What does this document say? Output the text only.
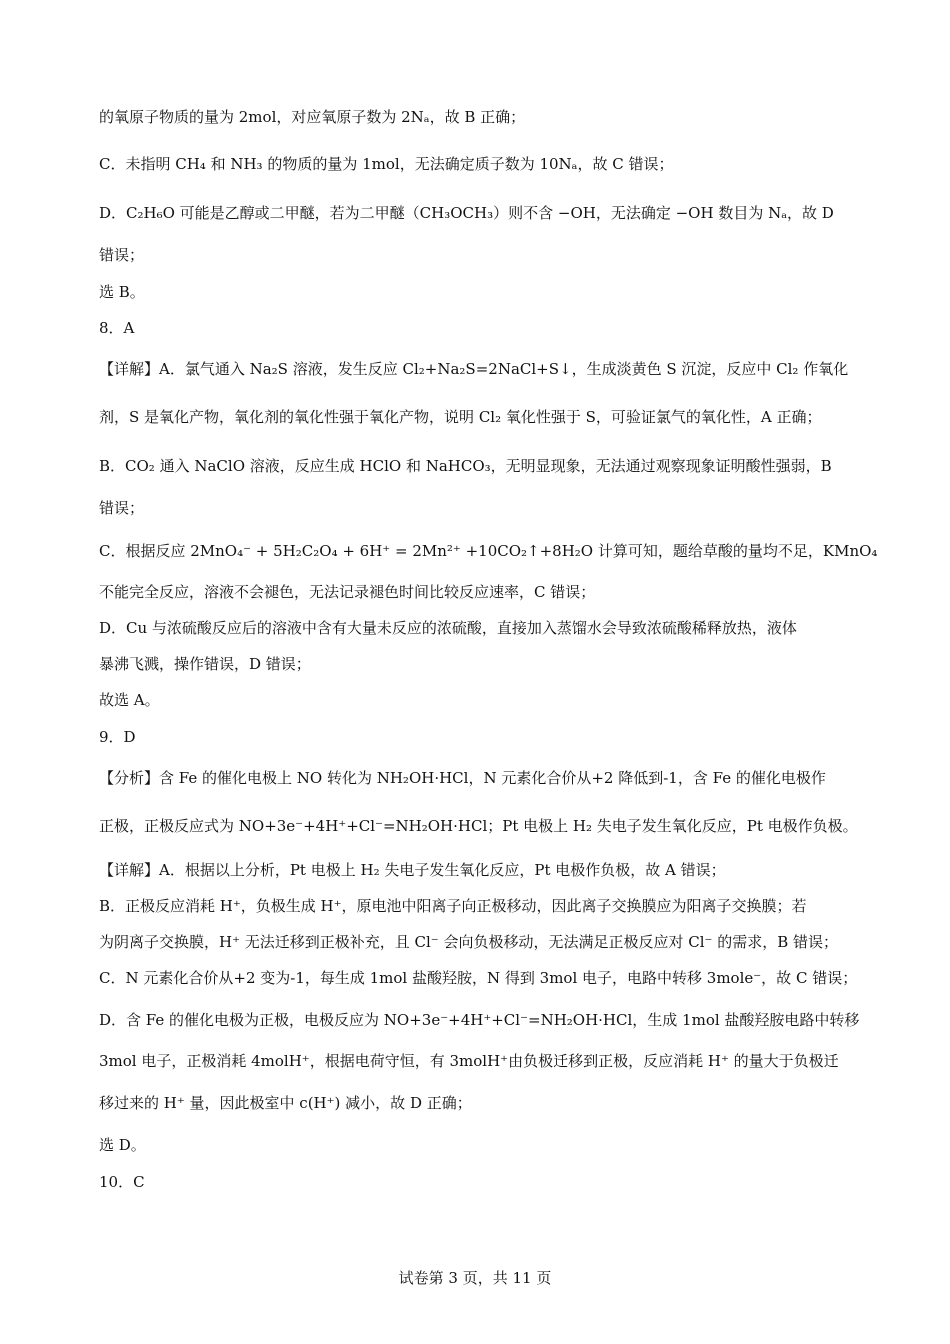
的氧原子物质的量为 2mol，对应氧原子数为 2Nₐ，故 B 正确；
C．未指明 CH₄ 和 NH₃ 的物质的量为 1mol，无法确定质子数为 10Nₐ，故 C 错误；
D．C₂H₆O 可能是乙醇或二甲醚，若为二甲醚（CH₃OCH₃）则不含 −OH，无法确定 −OH 数目为 Nₐ，故 D
错误；
选 B。
8．A
【详解】A．氯气通入 Na₂S 溶液，发生反应 Cl₂+Na₂S=2NaCl+S↓，生成淡黄色 S 沉淀，反应中 Cl₂ 作氧化
剂，S 是氧化产物，氧化剂的氧化性强于氧化产物，说明 Cl₂ 氧化性强于 S，可验证氯气的氧化性，A 正确；
B．CO₂ 通入 NaClO 溶液，反应生成 HClO 和 NaHCO₃，无明显现象，无法通过观察现象证明酸性强弱，B
错误；
C．根据反应 2MnO₄⁻ + 5H₂C₂O₄ + 6H⁺ = 2Mn²⁺ +10CO₂↑+8H₂O 计算可知，题给草酸的量均不足，KMnO₄
不能完全反应，溶液不会褪色，无法记录褪色时间比较反应速率，C 错误；
D．Cu 与浓硫酸反应后的溶液中含有大量未反应的浓硫酸，直接加入蒸馏水会导致浓硫酸稀释放热，液体
暴沸飞溅，操作错误，D 错误；
故选 A。
9．D
【分析】含 Fe 的催化电极上 NO 转化为 NH₂OH·HCl，N 元素化合价从+2 降低到-1，含 Fe 的催化电极作
正极，正极反应式为 NO+3e⁻+4H⁺+Cl⁻=NH₂OH·HCl；Pt 电极上 H₂ 失电子发生氧化反应，Pt 电极作负极。
【详解】A．根据以上分析，Pt 电极上 H₂ 失电子发生氧化反应，Pt 电极作负极，故 A 错误；
B．正极反应消耗 H⁺，负极生成 H⁺，原电池中阳离子向正极移动，因此离子交换膜应为阳离子交换膜；若
为阴离子交换膜，H⁺ 无法迁移到正极补充，且 Cl⁻ 会向负极移动，无法满足正极反应对 Cl⁻ 的需求，B 错误；
C．N 元素化合价从+2 变为-1，每生成 1mol 盐酸羟胺，N 得到 3mol 电子，电路中转移 3mole⁻，故 C 错误；
D．含 Fe 的催化电极为正极，电极反应为 NO+3e⁻+4H⁺+Cl⁻=NH₂OH·HCl，生成 1mol 盐酸羟胺电路中转移
3mol 电子，正极消耗 4molH⁺，根据电荷守恒，有 3molH⁺由负极迁移到正极，反应消耗 H⁺ 的量大于负极迁
移过来的 H⁺ 量，因此极室中 c(H⁺) 减小，故 D 正确；
选 D。
10．C
试卷第 3 页，共 11 页
